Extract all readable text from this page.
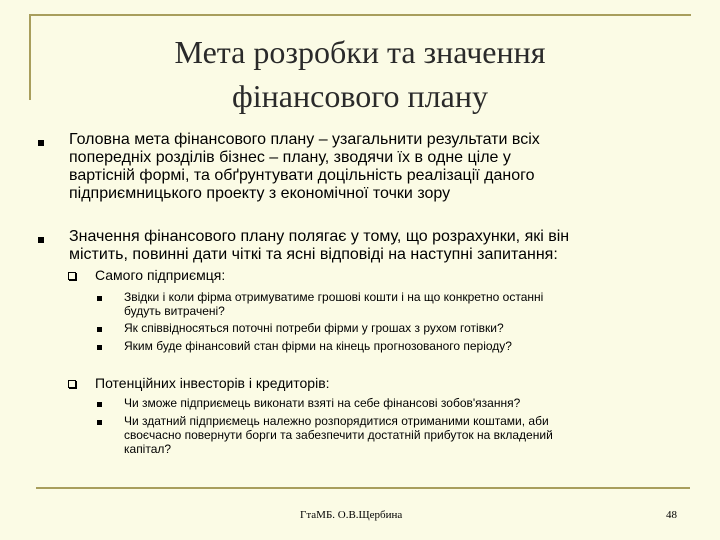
Мета розробки та значення
фінансового плану
Головна мета фінансового плану – узагальнити результати всіх
попередніх розділів бізнес – плану, зводячи їх в одне ціле у
вартісній формі, та обґрунтувати доцільність реалізації даного
підприємницького проекту з економічної точки зору
Значення фінансового плану полягає у тому, що розрахунки, які він
містить, повинні дати чіткі та ясні відповіді на наступні запитання:
Самого підприємця:
Звідки і коли фірма отримуватиме грошові кошти і на що конкретно останні
будуть витрачені?
Як співвідносяться поточні потреби фірми у грошах з рухом готівки?
Яким буде фінансовий стан фірми на кінець прогнозованого періоду?
Потенційних інвесторів і кредиторів:
Чи зможе підприємець виконати взяті на себе фінансові зобов'язання?
Чи здатний підприємець належно розпорядитися отриманими коштами, аби
своєчасно повернути борги та забезпечити достатній прибуток на вкладений
капітал?
ГтаМБ. О.В.Щербина	48
